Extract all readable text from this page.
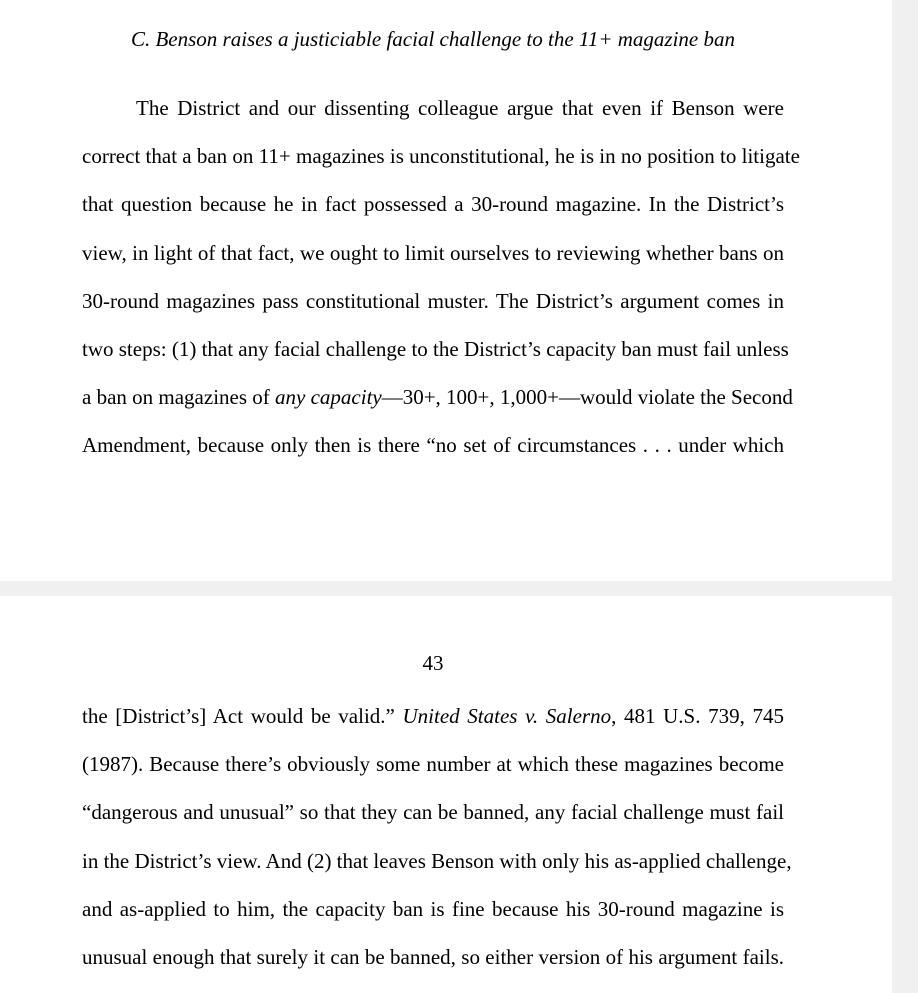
C. Benson raises a justiciable facial challenge to the 11+ magazine ban
The District and our dissenting colleague argue that even if Benson were
correct that a ban on 11+ magazines is unconstitutional, he is in no position to litigate
that question because he in fact possessed a 30-round magazine. In the District’s
view, in light of that fact, we ought to limit ourselves to reviewing whether bans on
30-round magazines pass constitutional muster. The District’s argument comes in
two steps: (1) that any facial challenge to the District’s capacity ban must fail unless
a ban on magazines of any capacity—30+, 100+, 1,000+—would violate the Second
Amendment, because only then is there “no set of circumstances . . . under which
43
the [District’s] Act would be valid.” United States v. Salerno, 481 U.S. 739, 745
(1987). Because there’s obviously some number at which these magazines become
“dangerous and unusual” so that they can be banned, any facial challenge must fail
in the District’s view. And (2) that leaves Benson with only his as-applied challenge,
and as-applied to him, the capacity ban is fine because his 30-round magazine is
unusual enough that surely it can be banned, so either version of his argument fails.
